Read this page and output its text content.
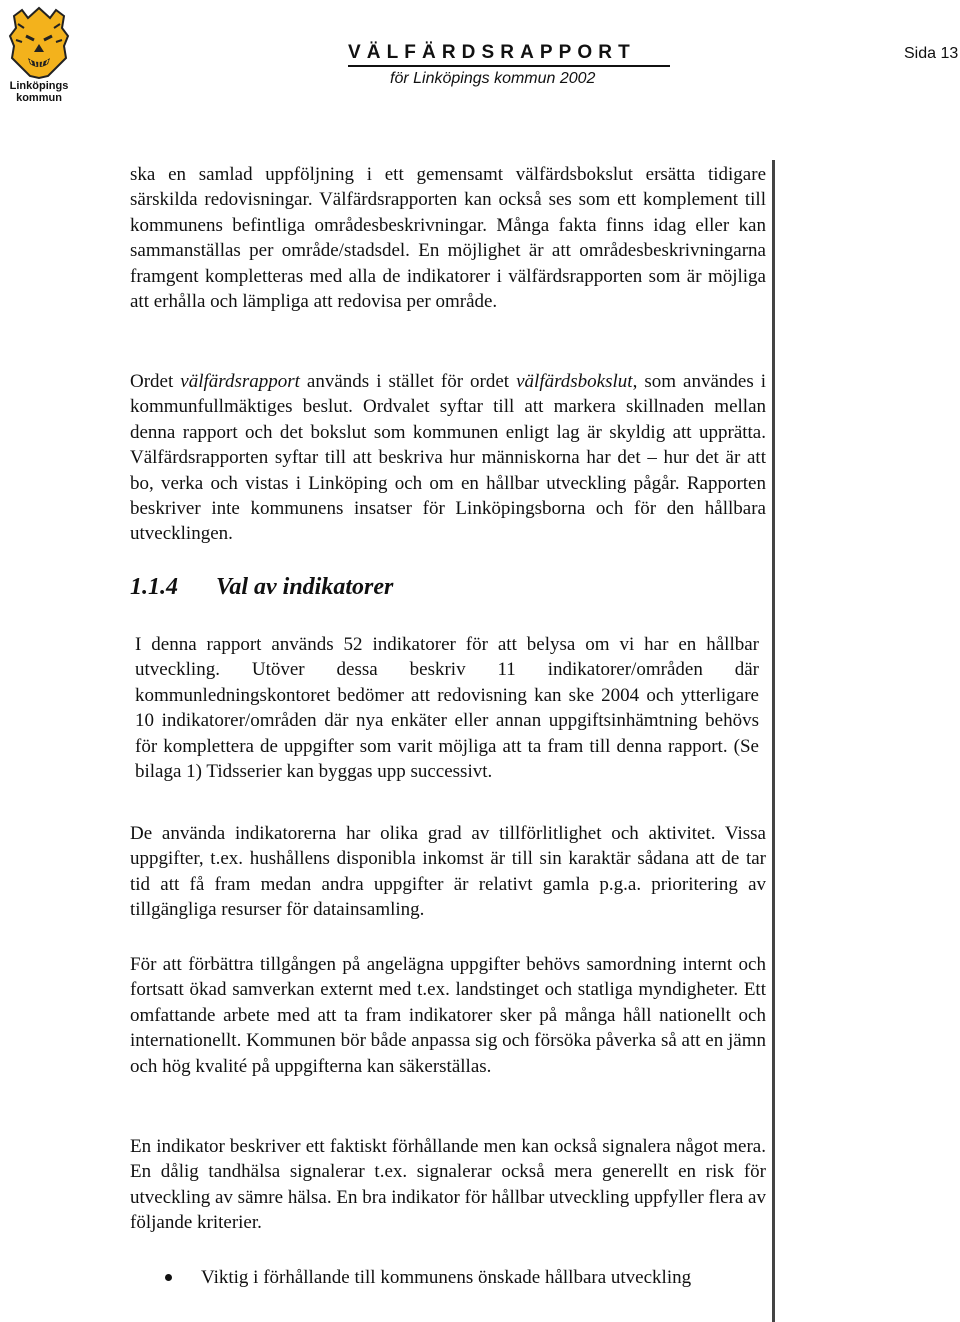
Linköpings
kommun
VÄLFÄRDSRAPPORT
för Linköpings kommun 2002
Sida 13

ska en samlad uppföljning i ett gemensamt välfärdsbokslut ersätta tidigare särskilda redovisningar. Välfärdsrapporten kan också ses som ett komplement till kommunens befintliga områdesbeskrivningar. Många fakta finns idag eller kan sammanställas per område/stadsdel. En möjlighet är att områdesbeskrivningarna framgent kompletteras med alla de indikatorer i välfärdsrapporten som är möjliga att erhålla och lämpliga att redovisa per område.

Ordet välfärdsrapport används i stället för ordet välfärdsbokslut, som användes i kommunfullmäktiges beslut. Ordvalet syftar till att markera skillnaden mellan denna rapport och det bokslut som kommunen enligt lag är skyldig att upprätta. Välfärdsrapporten syftar till att beskriva hur människorna har det – hur det är att bo, verka och vistas i Linköping och om en hållbar utveckling pågår. Rapporten beskriver inte kommunens insatser för Linköpingsborna och för den hållbara utvecklingen.

1.1.4 Val av indikatorer

I denna rapport används 52 indikatorer för att belysa om vi har en hållbar utveckling. Utöver dessa beskriv 11 indikatorer/områden där kommunledningskontoret bedömer att redovisning kan ske 2004 och ytterligare 10 indikatorer/områden där nya enkäter eller annan uppgiftsinhämtning behövs för komplettera de uppgifter som varit möjliga att ta fram till denna rapport. (Se bilaga 1) Tidsserier kan byggas upp successivt.

De använda indikatorerna har olika grad av tillförlitlighet och aktivitet. Vissa uppgifter, t.ex. hushållens disponibla inkomst är till sin karaktär sådana att de tar tid att få fram medan andra uppgifter är relativt gamla p.g.a. prioritering av tillgängliga resurser för datainsamling.

För att förbättra tillgången på angelägna uppgifter behövs samordning internt och fortsatt ökad samverkan externt med t.ex. landstinget och statliga myndigheter. Ett omfattande arbete med att ta fram indikatorer sker på många håll nationellt och internationellt. Kommunen bör både anpassa sig och försöka påverka så att en jämn och hög kvalité på uppgifterna kan säkerställas.

En indikator beskriver ett faktiskt förhållande men kan också signalera något mera. En dålig tandhälsa signalerar t.ex. signalerar också mera generellt en risk för utveckling av sämre hälsa. En bra indikator för hållbar utveckling uppfyller flera av följande kriterier.

Viktig i förhållande till kommunens önskade hållbara utveckling
